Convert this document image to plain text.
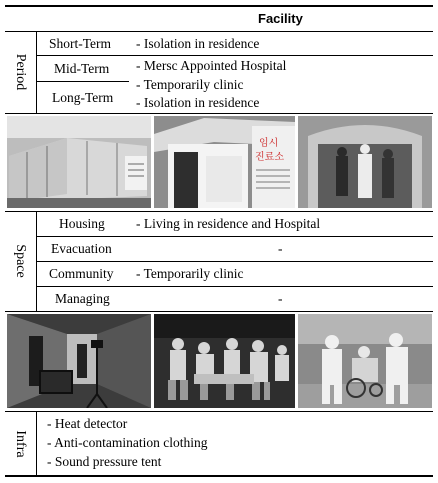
Facility
Period
Short-Term - Isolation in residence
Mid-Term - Mersc Appointed Hospital
Long-Term
- Temporarily clinic
- Isolation in residence
임시
진료소
Space
Housing - Living in residence and Hospital
Evacuation	-
Community - Temporarily clinic
Managing	-
Infra
- Heat detector
- Anti-contamination clothing
- Sound pressure tent
